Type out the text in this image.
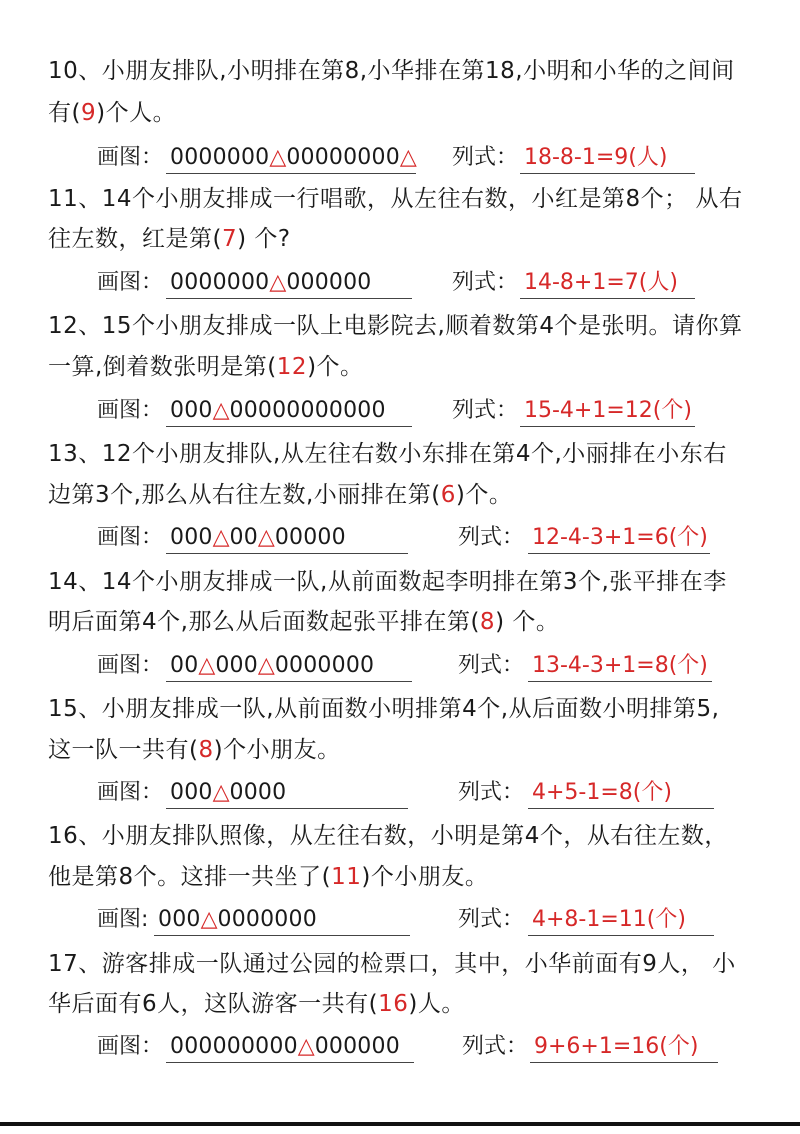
10、小朋友排队,小明排在第8,小华排在第18,小明和小华的之间间

有(9)个人。

画图： 0000000△00000000△ 列式： 18-8-1=9(人)

11、14个小朋友排成一行唱歌，从左往右数，小红是第8个； 从右

往左数，红是第(7) 个?

画图： 0000000△000000	列式： 14-8+1=7(人)

12、15个小朋友排成一队上电影院去,顺着数第4个是张明。请你算

一算,倒着数张明是第(12)个。

画图： 000△00000000000	列式： 15-4+1=12(个)

13、12个小朋友排队,从左往右数小东排在第4个,小丽排在小东右

边第3个,那么从右往左数,小丽排在第(6)个。

画图： 000△00△00000	列式： 12-4-3+1=6(个)

14、14个小朋友排成一队,从前面数起李明排在第3个,张平排在李

明后面第4个,那么从后面数起张平排在第(8) 个。

画图： 00△000△0000000	列式： 13-4-3+1=8(个)

15、小朋友排成一队,从前面数小明排第4个,从后面数小明排第5,

这一队一共有(8)个小朋友。

画图： 000△0000	列式： 4+5-1=8(个)

16、小朋友排队照像，从左往右数，小明是第4个，从右往左数，

他是第8个。这排一共坐了(11)个小朋友。

画图: 000△0000000	列式： 4+8-1=11(个)

17、游客排成一队通过公园的检票口，其中，小华前面有9人， 小

华后面有6人，这队游客一共有(16)人。

画图： 000000000△000000	列式： 9+6+1=16(个)
